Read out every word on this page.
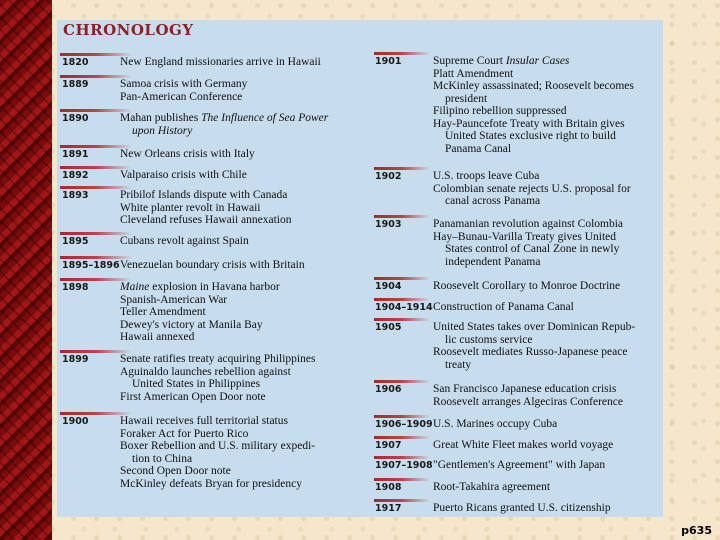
CHRONOLOGY
1820	New England missionaries arrive in Hawaii
1889	Samoa crisis with Germany
Pan-American Conference
1890	Mahan publishes The Influence of Sea Power
upon History
1891	New Orleans crisis with Italy
1892	Valparaiso crisis with Chile
1893	Pribilof Islands dispute with Canada
White planter revolt in Hawaii
Cleveland refuses Hawaii annexation
1895	Cubans revolt against Spain
1895–1896 Venezuelan boundary crisis with Britain
1898	Maine explosion in Havana harbor
Spanish-American War
Teller Amendment
Dewey's victory at Manila Bay
Hawaii annexed
1899	Senate ratifies treaty acquiring Philippines
Aguinaldo launches rebellion against
United States in Philippines
First American Open Door note
1900	Hawaii receives full territorial status
Foraker Act for Puerto Rico
Boxer Rebellion and U.S. military expedi-
tion to China
Second Open Door note
McKinley defeats Bryan for presidency
1901	Supreme Court Insular Cases
Platt Amendment
McKinley assassinated; Roosevelt becomes
president
Filipino rebellion suppressed
Hay-Pauncefote Treaty with Britain gives
United States exclusive right to build
Panama Canal
1902	U.S. troops leave Cuba
Colombian senate rejects U.S. proposal for
canal across Panama
1903	Panamanian revolution against Colombia
Hay–Bunau-Varilla Treaty gives United
States control of Canal Zone in newly
independent Panama
1904	Roosevelt Corollary to Monroe Doctrine
1904–1914 Construction of Panama Canal
1905	United States takes over Dominican Repub-
lic customs service
Roosevelt mediates Russo-Japanese peace
treaty
1906	San Francisco Japanese education crisis
Roosevelt arranges Algeciras Conference
1906–1909 U.S. Marines occupy Cuba
1907	Great White Fleet makes world voyage
1907–1908 "Gentlemen's Agreement" with Japan
1908	Root-Takahira agreement
1917	Puerto Ricans granted U.S. citizenship

p635
